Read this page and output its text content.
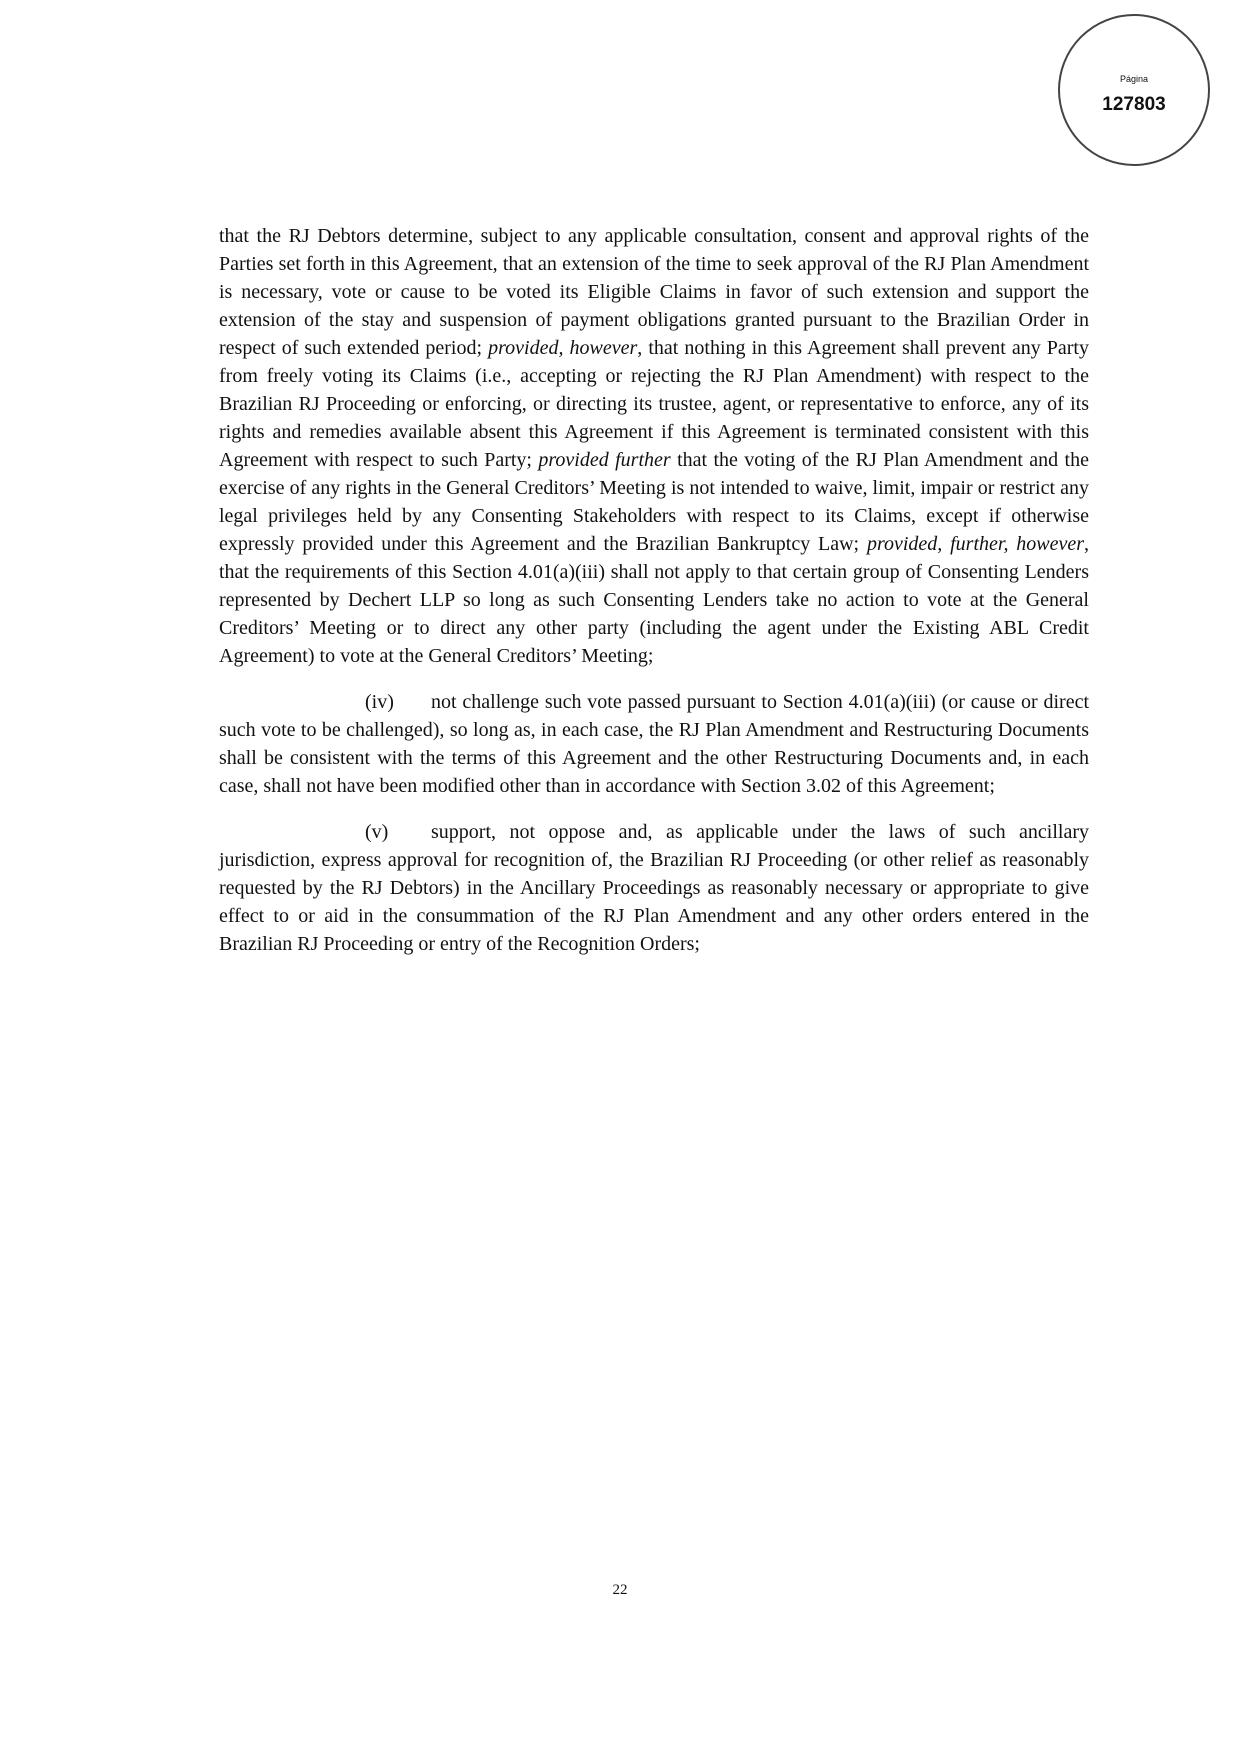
Página
127803

that the RJ Debtors determine, subject to any applicable consultation, consent and approval rights of the Parties set forth in this Agreement, that an extension of the time to seek approval of the RJ Plan Amendment is necessary, vote or cause to be voted its Eligible Claims in favor of such extension and support the extension of the stay and suspension of payment obligations granted pursuant to the Brazilian Order in respect of such extended period; provided, however, that nothing in this Agreement shall prevent any Party from freely voting its Claims (i.e., accepting or rejecting the RJ Plan Amendment) with respect to the Brazilian RJ Proceeding or enforcing, or directing its trustee, agent, or representative to enforce, any of its rights and remedies available absent this Agreement if this Agreement is terminated consistent with this Agreement with respect to such Party; provided further that the voting of the RJ Plan Amendment and the exercise of any rights in the General Creditors’ Meeting is not intended to waive, limit, impair or restrict any legal privileges held by any Consenting Stakeholders with respect to its Claims, except if otherwise expressly provided under this Agreement and the Brazilian Bankruptcy Law; provided, further, however, that the requirements of this Section 4.01(a)(iii) shall not apply to that certain group of Consenting Lenders represented by Dechert LLP so long as such Consenting Lenders take no action to vote at the General Creditors’ Meeting or to direct any other party (including the agent under the Existing ABL Credit Agreement) to vote at the General Creditors’ Meeting;

(iv) not challenge such vote passed pursuant to Section 4.01(a)(iii) (or cause or direct such vote to be challenged), so long as, in each case, the RJ Plan Amendment and Restructuring Documents shall be consistent with the terms of this Agreement and the other Restructuring Documents and, in each case, shall not have been modified other than in accordance with Section 3.02 of this Agreement;

(v) support, not oppose and, as applicable under the laws of such ancillary jurisdiction, express approval for recognition of, the Brazilian RJ Proceeding (or other relief as reasonably requested by the RJ Debtors) in the Ancillary Proceedings as reasonably necessary or appropriate to give effect to or aid in the consummation of the RJ Plan Amendment and any other orders entered in the Brazilian RJ Proceeding or entry of the Recognition Orders;

22
